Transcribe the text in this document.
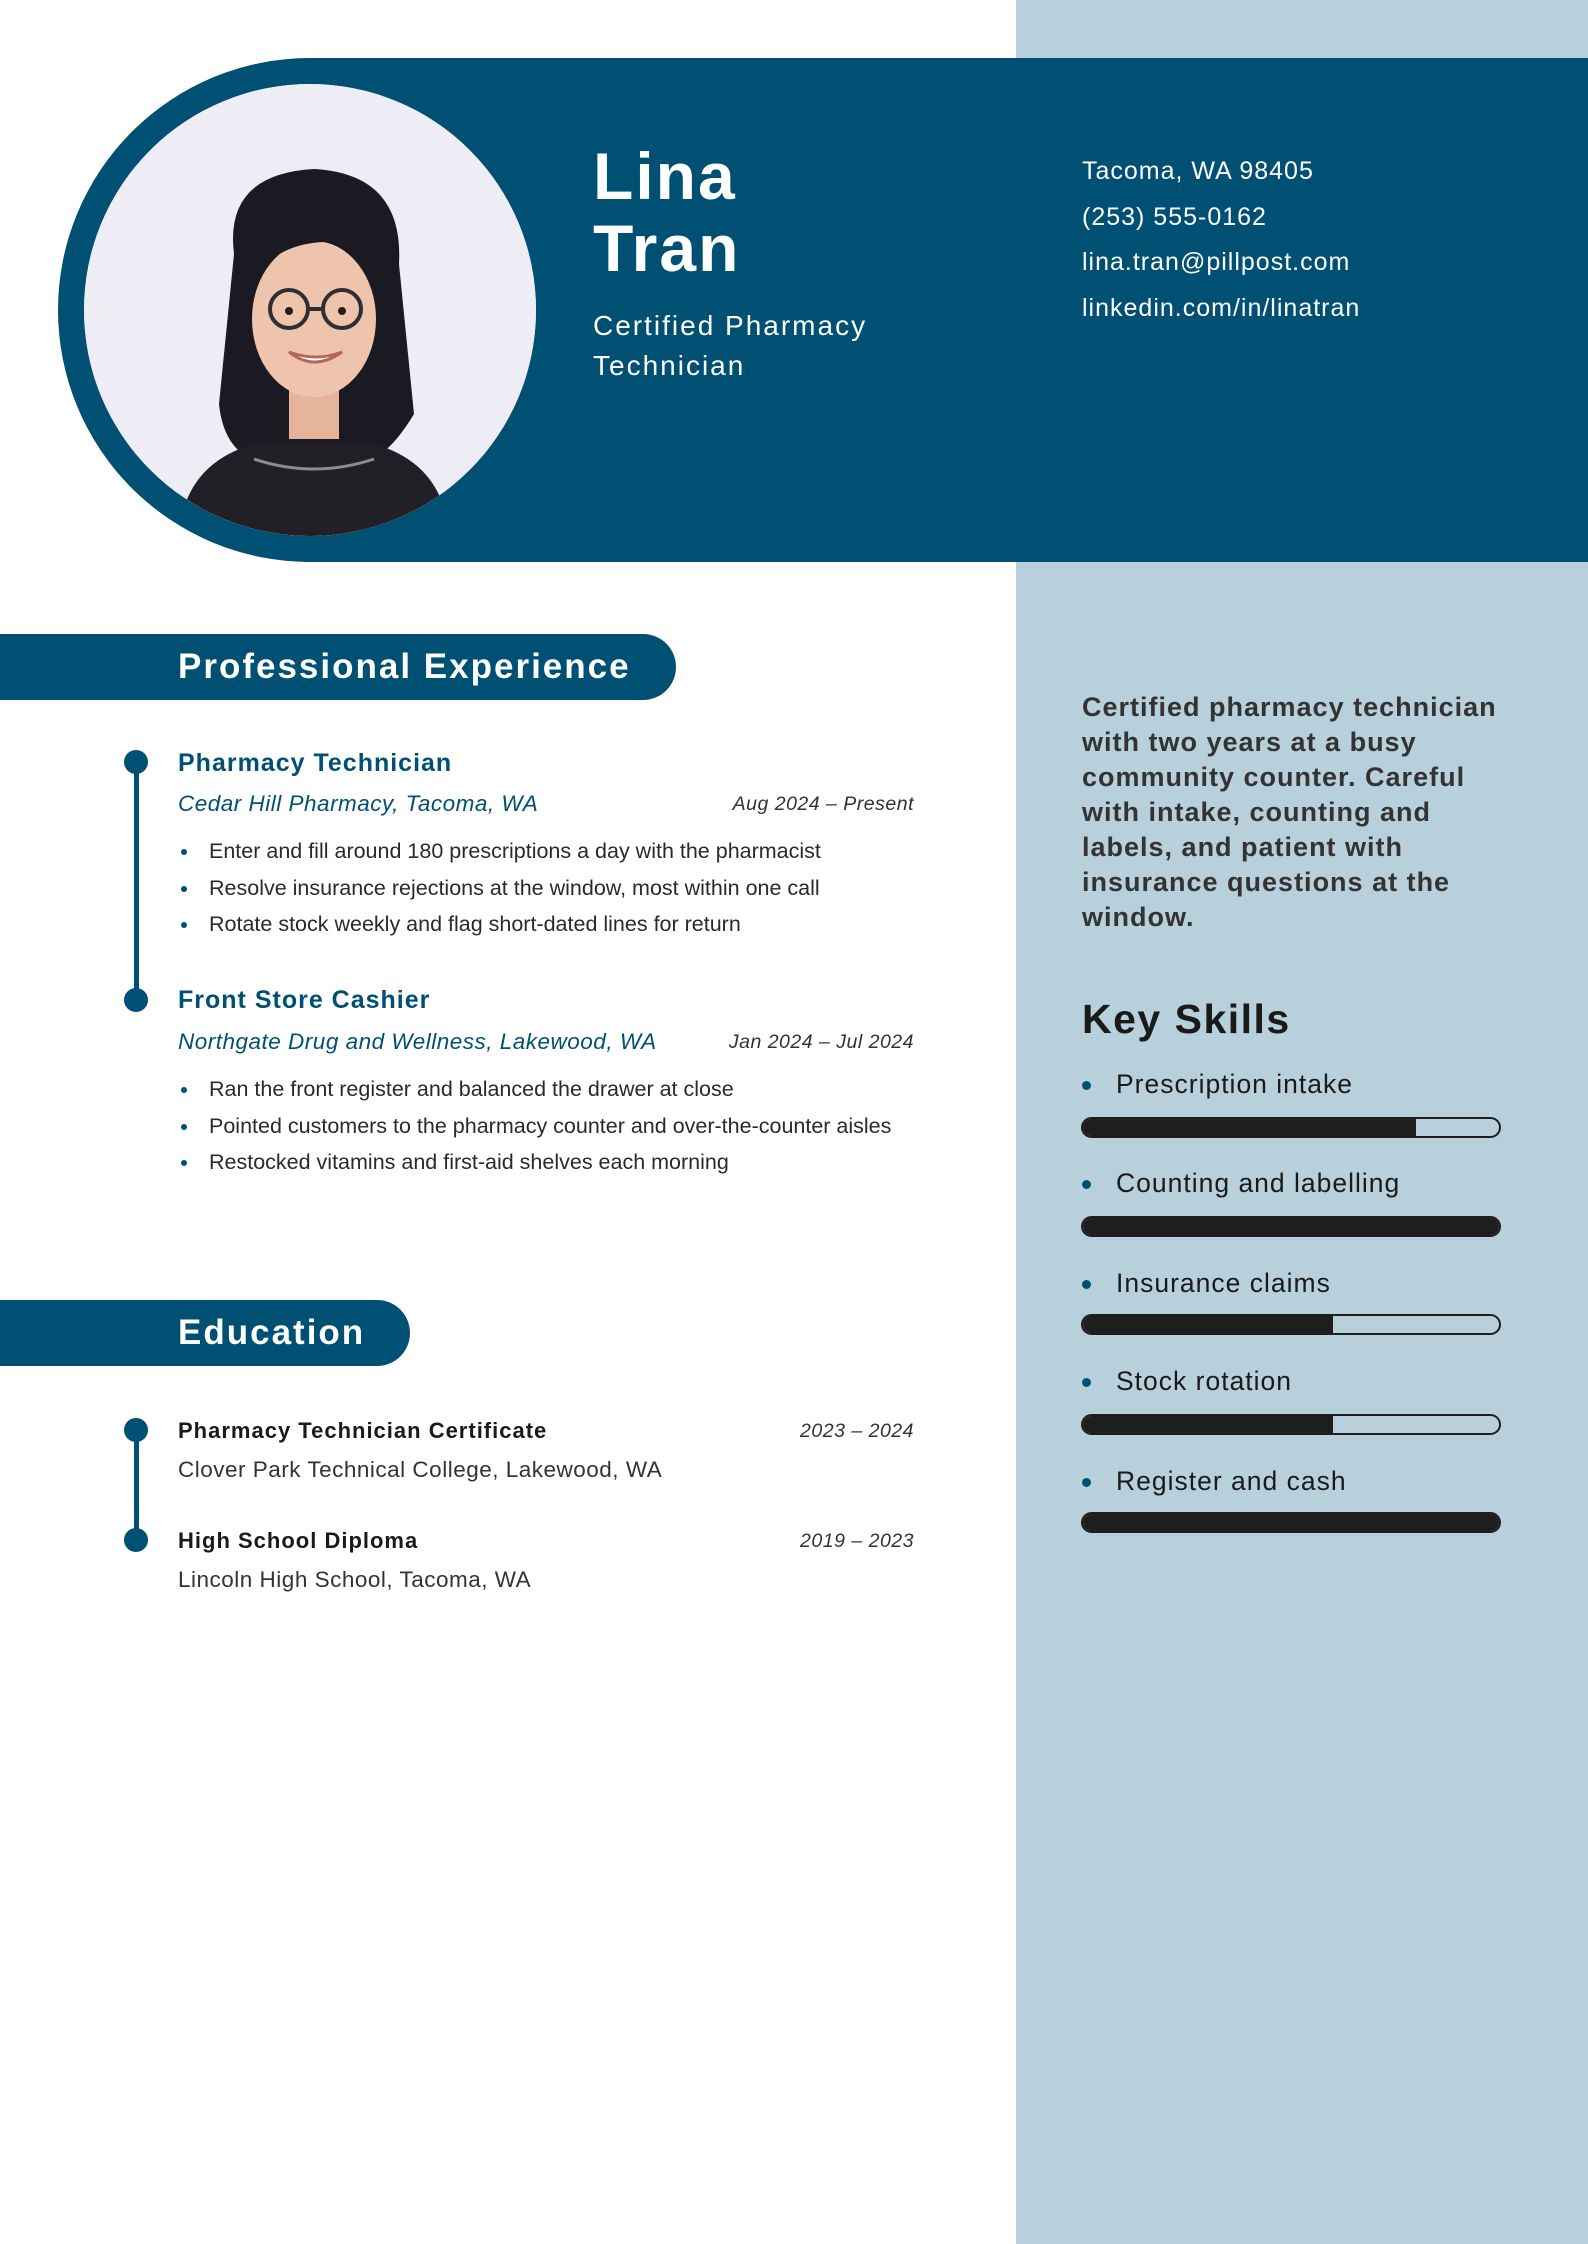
Lina
Tran
Certified Pharmacy Technician
Tacoma, WA 98405
(253) 555-0162
lina.tran@pillpost.com
linkedin.com/in/linatran
Professional Experience
Pharmacy Technician
Cedar Hill Pharmacy, Tacoma, WA	Aug 2024 – Present
Enter and fill around 180 prescriptions a day with the pharmacist
Resolve insurance rejections at the window, most within one call
Rotate stock weekly and flag short-dated lines for return
Front Store Cashier
Northgate Drug and Wellness, Lakewood, WA	Jan 2024 – Jul 2024
Ran the front register and balanced the drawer at close
Pointed customers to the pharmacy counter and over-the-counter aisles
Restocked vitamins and first-aid shelves each morning
Education
Pharmacy Technician Certificate	2023 – 2024
Clover Park Technical College, Lakewood, WA
High School Diploma	2019 – 2023
Lincoln High School, Tacoma, WA

Certified pharmacy technician with two years at a busy community counter. Careful with intake, counting and labels, and patient with insurance questions at the window.

Key Skills
Prescription intake
Counting and labelling
Insurance claims
Stock rotation
Register and cash
